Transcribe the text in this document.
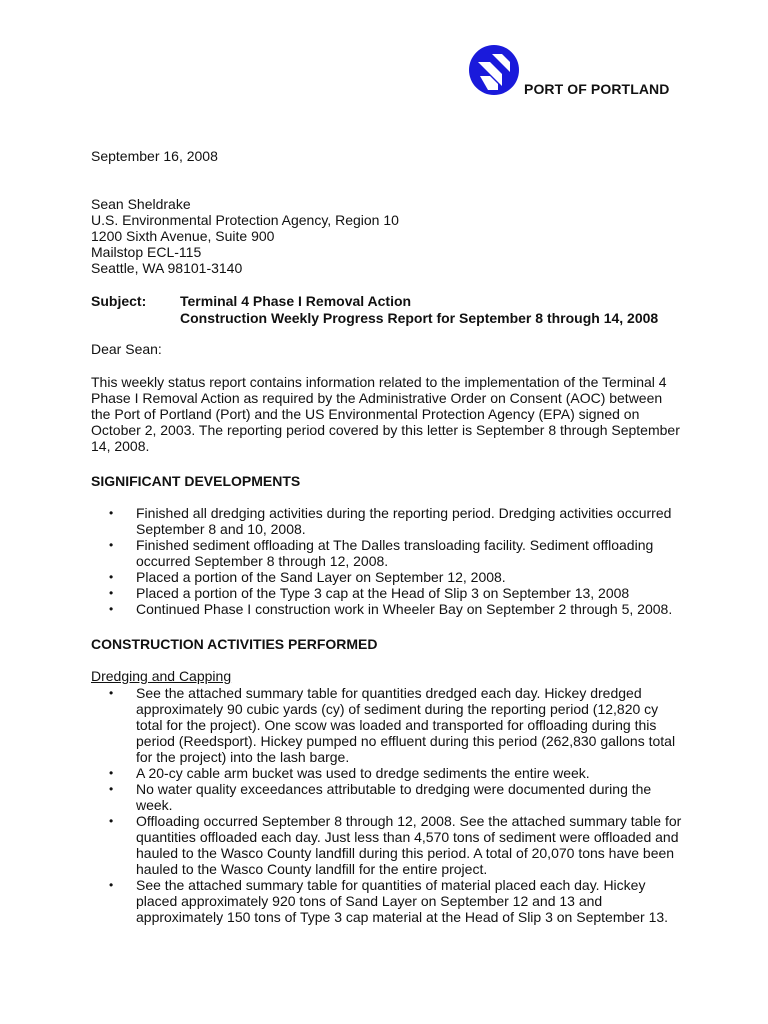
PORT OF PORTLAND
September 16, 2008
Sean Sheldrake
U.S. Environmental Protection Agency, Region 10
1200 Sixth Avenue, Suite 900
Mailstop ECL-115
Seattle, WA 98101-3140
Subject: Terminal 4 Phase I Removal Action
Construction Weekly Progress Report for September 8 through 14, 2008
Dear Sean:
This weekly status report contains information related to the implementation of the Terminal 4
Phase I Removal Action as required by the Administrative Order on Consent (AOC) between
the Port of Portland (Port) and the US Environmental Protection Agency (EPA) signed on
October 2, 2003. The reporting period covered by this letter is September 8 through September
14, 2008.
SIGNIFICANT DEVELOPMENTS
• Finished all dredging activities during the reporting period. Dredging activities occurred
September 8 and 10, 2008.
• Finished sediment offloading at The Dalles transloading facility. Sediment offloading
occurred September 8 through 12, 2008.
• Placed a portion of the Sand Layer on September 12, 2008.
• Placed a portion of the Type 3 cap at the Head of Slip 3 on September 13, 2008
• Continued Phase I construction work in Wheeler Bay on September 2 through 5, 2008.
CONSTRUCTION ACTIVITIES PERFORMED
Dredging and Capping
• See the attached summary table for quantities dredged each day. Hickey dredged
approximately 90 cubic yards (cy) of sediment during the reporting period (12,820 cy
total for the project). One scow was loaded and transported for offloading during this
period (Reedsport). Hickey pumped no effluent during this period (262,830 gallons total
for the project) into the lash barge.
• A 20-cy cable arm bucket was used to dredge sediments the entire week.
• No water quality exceedances attributable to dredging were documented during the
week.
• Offloading occurred September 8 through 12, 2008. See the attached summary table for
quantities offloaded each day. Just less than 4,570 tons of sediment were offloaded and
hauled to the Wasco County landfill during this period. A total of 20,070 tons have been
hauled to the Wasco County landfill for the entire project.
• See the attached summary table for quantities of material placed each day. Hickey
placed approximately 920 tons of Sand Layer on September 12 and 13 and
approximately 150 tons of Type 3 cap material at the Head of Slip 3 on September 13.
